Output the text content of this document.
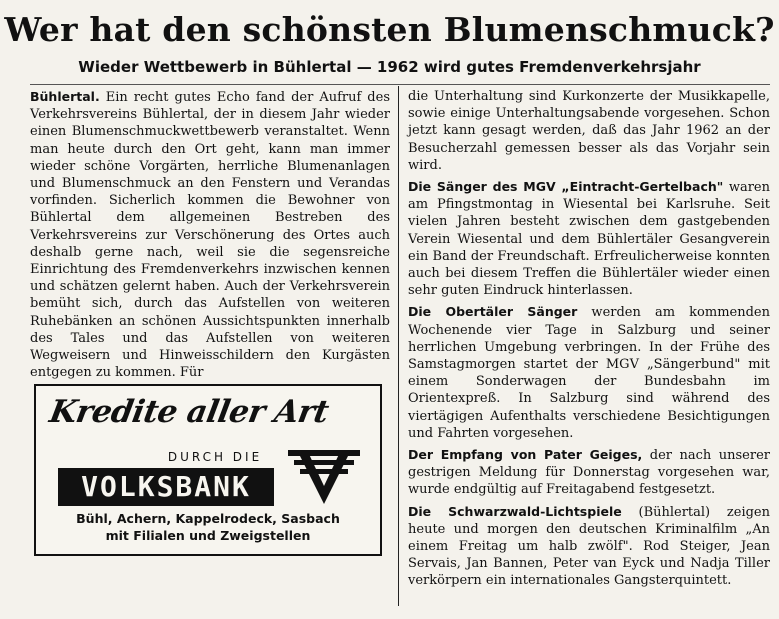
Wer hat den schönsten Blumenschmuck?
Wieder Wettbewerb in Bühlertal — 1962 wird gutes Fremdenverkehrsjahr

Bühlertal. Ein recht gutes Echo fand der Aufruf des Verkehrsvereins Bühlertal, der in diesem Jahr wieder einen Blumenschmuckwettbewerb veranstaltet. Wenn man heute durch den Ort geht, kann man immer wieder schöne Vorgärten, herrliche Blumenanlagen und Blumenschmuck an den Fenstern und Verandas vorfinden. Sicherlich kommen die Bewohner von Bühlertal dem allgemeinen Bestreben des Verkehrsvereins zur Verschönerung des Ortes auch deshalb gerne nach, weil sie die segensreiche Einrichtung des Fremdenverkehrs inzwischen kennen und schätzen gelernt haben. Auch der Verkehrsverein bemüht sich, durch das Aufstellen von weiteren Ruhebänken an schönen Aussichtspunkten innerhalb des Tales und das Aufstellen von weiteren Wegweisern und Hinweisschildern den Kurgästen entgegen zu kommen. Für

die Unterhaltung sind Kurkonzerte der Musikkapelle, sowie einige Unterhaltungsabende vorgesehen. Schon jetzt kann gesagt werden, daß das Jahr 1962 an der Besucherzahl gemessen besser als das Vorjahr sein wird.

Die Sänger des MGV „Eintracht-Gertelbach" waren am Pfingstmontag in Wiesental bei Karlsruhe. Seit vielen Jahren besteht zwischen dem gastgebenden Verein Wiesental und dem Bühlertäler Gesangverein ein Band der Freundschaft. Erfreulicherweise konnten auch bei diesem Treffen die Bühlertäler wieder einen sehr guten Eindruck hinterlassen.

Die Obertäler Sänger werden am kommenden Wochenende vier Tage in Salzburg und seiner herrlichen Umgebung verbringen. In der Frühe des Samstagmorgen startet der MGV „Sängerbund" mit einem Sonderwagen der Bundesbahn im Orientexpreß. In Salzburg sind während des viertägigen Aufenthalts verschiedene Besichtigungen und Fahrten vorgesehen.

Der Empfang von Pater Geiges, der nach unserer gestrigen Meldung für Donnerstag vorgesehen war, wurde endgültig auf Freitagabend festgesetzt.

Die Schwarzwald-Lichtspiele (Bühlertal) zeigen heute und morgen den deutschen Kriminalfilm „An einem Freitag um halb zwölf". Rod Steiger, Jean Servais, Jan Bannen, Peter van Eyck und Nadja Tiller verkörpern ein internationales Gangsterquintett.

Kredite aller Art
DURCH DIE
VOLKSBANK
Bühl, Achern, Kappelrodeck, Sasbach
mit Filialen und Zweigstellen
